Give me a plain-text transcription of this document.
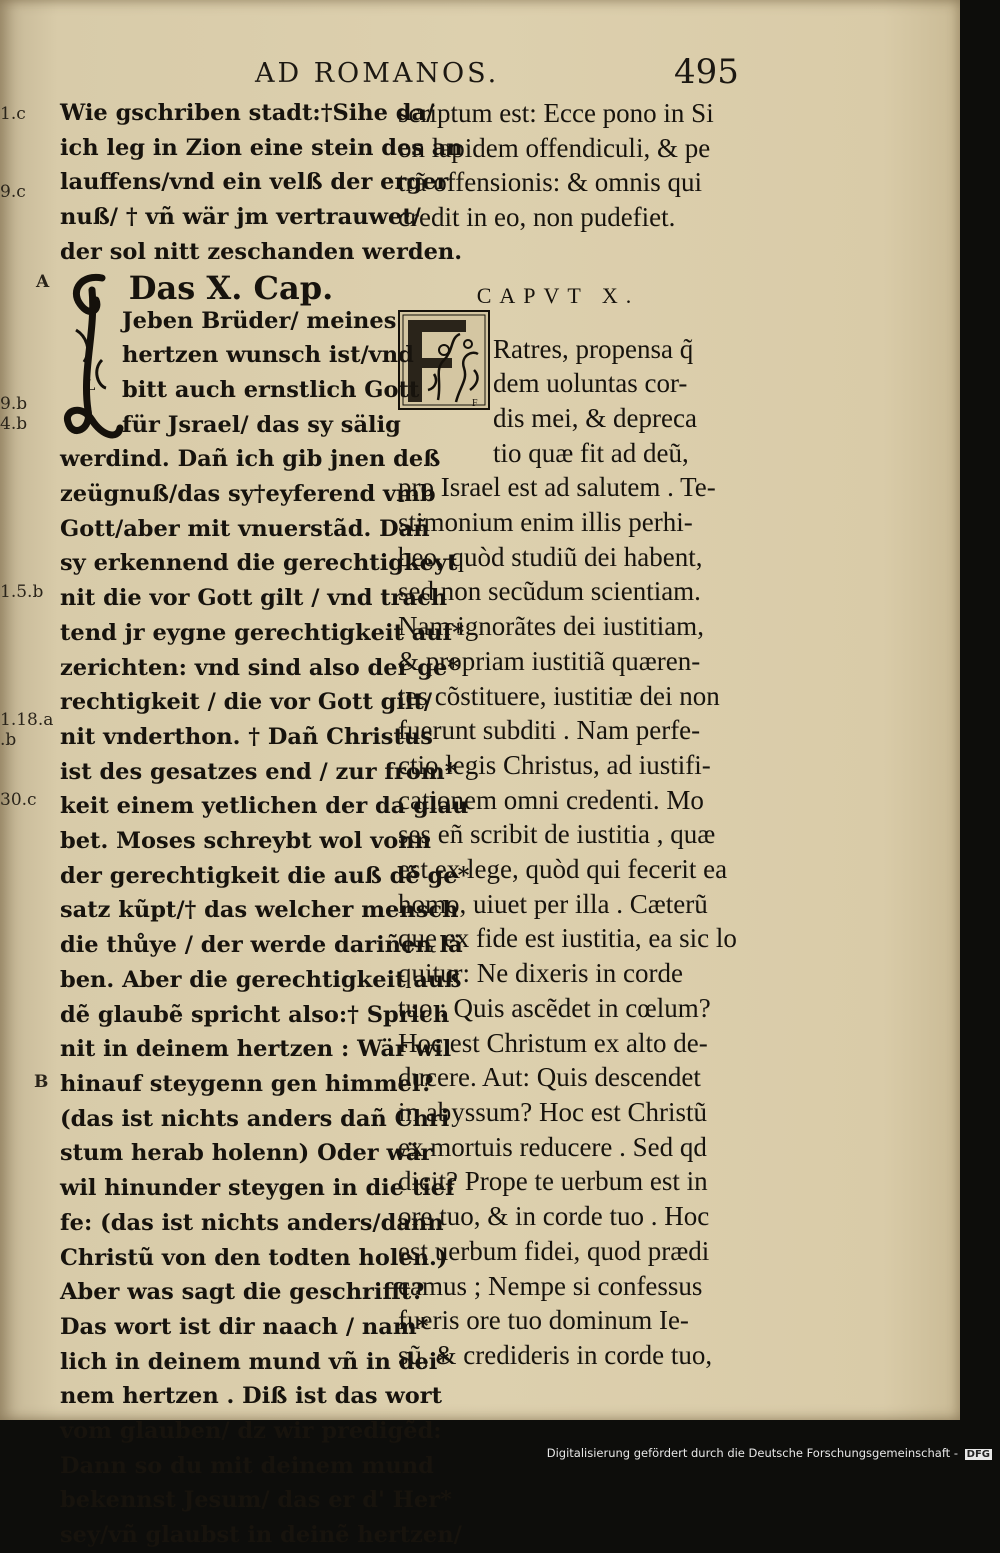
AD ROMANOS.	495
1.c
9.c
A
9.b
4.b
1.5.b
1.18.a
.b
30.c
B
L
F
Wie gschriben stadt:†Sihe da/
ich leg in Zion eine stein des an
lauffens/vnd ein velß der erger
nuß/ † vñ wär jm vertrauwet/
der sol nitt zeschanden werden.
Das X. Cap.
Jeben Brüder/ meines
hertzen wunsch ist/vnd
bitt auch ernstlich Gott
für Jsrael/ das sy sälig
werdind. Dañ ich gib jnen deß
zeügnuß/das sy†eyferend vmb
Gott/aber mit vnuerstãd. Dañ
sy erkennend die gerechtigkeyt
nit die vor Gott gilt / vnd trach
tend jr eygne gerechtigkeit auf*
zerichten: vnd sind also der ge*
rechtigkeit / die vor Gott gilt/
nit vnderthon. † Dañ Christus
ist des gesatzes end / zur from*
keit einem yetlichen der da glau
bet. Moses schreybt wol vonn
der gerechtigkeit die auß dẽ ge*
satz kũpt/† das welcher mensch
die thůye / der werde dariñen lä
ben. Aber die gerechtigkeit auß
dẽ glaubẽ spricht also:† Sprich
nit in deinem hertzen : Wär wil
hinauf steygenn gen himmel?
(das ist nichts anders dañ Chri
stum herab holenn) Oder wär
wil hinunder steygen in die tief
fe: (das ist nichts anders/dann
Christũ von den todten holen.)
Aber was sagt die geschrifft?
Das wort ist dir naach / nam*
lich in deinem mund vñ in dei*
nem hertzen . Diß ist das wort
vom glauben/ dz wir predigẽd:
Dann so du mit deinem mund
bekennst Jesum/ das er d' Her*
sey/vñ glaubst in deinẽ hertzen/
scriptum est: Ecce pono in Si
on lapidem offendiculi, & pe
trã offensionis: & omnis qui
credit in eo, non pudefiet.
CAPVT X.
Ratres, propensa q̃
dem uoluntas cor-
dis mei, & depreca
tio quæ fit ad deũ,
pro Israel est ad salutem . Te-
stimonium enim illis perhi-
beo, quòd studiũ dei habent,
sed non secũdum scientiam.
Nam ignorãtes dei iustitiam,
& propriam iustitiã quæren-
tes cõstituere, iustitiæ dei non
fuerunt subditi . Nam perfe-
ctio legis Christus, ad iustifi-
cationem omni credenti. Mo
ses eñ scribit de iustitia , quæ
est ex lege, quòd qui fecerit ea
homo, uiuet per illa . Cæterũ
quę ex fide est iustitia, ea sic lo
quitur: Ne dixeris in corde
tuo : Quis ascẽdet in cœlum?
Hoc est Christum ex alto de-
ducere. Aut: Quis descendet
in abyssum? Hoc est Christũ
ex mortuis reducere . Sed qd
dicit? Prope te uerbum est in
ore tuo, & in corde tuo . Hoc
est uerbum fidei, quod prædi
camus ; Nempe si confessus
fueris ore tuo dominum Ie-
sũ, & credideris in corde tuo,
Digitalisierung gefördert durch die Deutsche Forschungsgemeinschaft - DFG
